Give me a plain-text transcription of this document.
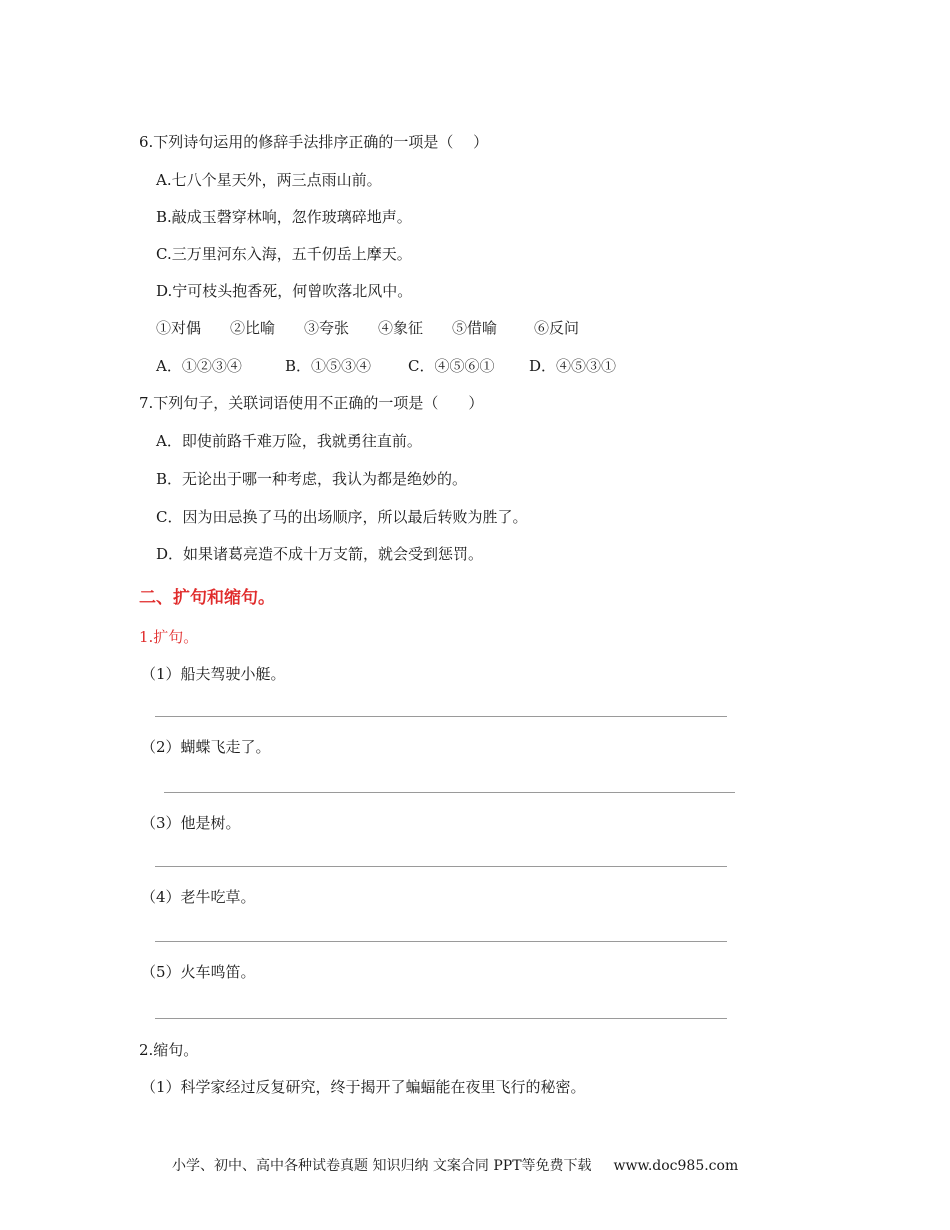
6.下列诗句运用的修辞手法排序正确的一项是（　 ）
A.七八个星天外，两三点雨山前。
B.敲成玉磬穿林响，忽作玻璃碎地声。
C.三万里河东入海，五千仞岳上摩天。
D.宁可枝头抱香死，何曾吹落北风中。
①对偶 ②比喻 ③夸张 ④象征 ⑤借喻 ⑥反问
A．①②③④	B．①⑤③④ C．④⑤⑥① D．④⑤③①
7.下列句子，关联词语使用不正确的一项是（　　）
A．即使前路千难万险，我就勇往直前。
B．无论出于哪一种考虑，我认为都是绝妙的。
C．因为田忌换了马的出场顺序，所以最后转败为胜了。
D．如果诸葛亮造不成十万支箭，就会受到惩罚。
二、扩句和缩句。
1.扩句。
（1）船夫驾驶小艇。
（2）蝴蝶飞走了。
（3）他是树。
（4）老牛吃草。
（5）火车鸣笛。
2.缩句。
（1）科学家经过反复研究，终于揭开了蝙蝠能在夜里飞行的秘密。
小学、初中、高中各种试卷真题 知识归纳 文案合同 PPT等免费下载 www.doc985.com
